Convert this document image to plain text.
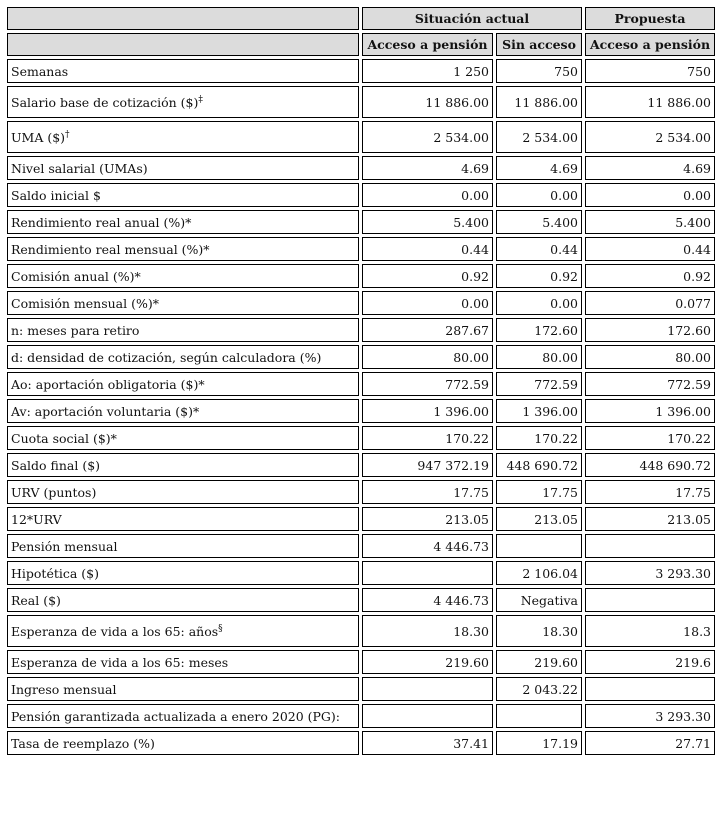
	Situación actual		Propuesta
	Acceso a pensión	Sin acceso	Acceso a pensión
Semanas	1 250	750	750
Salario base de cotización ($)‡	11 886.00	11 886.00	11 886.00
UMA ($)†	2 534.00	2 534.00	2 534.00
Nivel salarial (UMAs)	4.69	4.69	4.69
Saldo inicial $	0.00	0.00	0.00
Rendimiento real anual (%)*	5.400	5.400	5.400
Rendimiento real mensual (%)*	0.44	0.44	0.44
Comisión anual (%)*	0.92	0.92	0.92
Comisión mensual (%)*	0.00	0.00	0.077
n: meses para retiro	287.67	172.60	172.60
d: densidad de cotización, según calculadora (%)	80.00	80.00	80.00
Ao: aportación obligatoria ($)*	772.59	772.59	772.59
Av: aportación voluntaria ($)*	1 396.00	1 396.00	1 396.00
Cuota social ($)*	170.22	170.22	170.22
Saldo final ($)	947 372.19	448 690.72	448 690.72
URV (puntos)	17.75	17.75	17.75
12*URV	213.05	213.05	213.05
Pensión mensual	4 446.73		
Hipotética ($)		2 106.04	3 293.30
Real ($)	4 446.73	Negativa	
Esperanza de vida a los 65: años§	18.30	18.30	18.3
Esperanza de vida a los 65: meses	219.60	219.60	219.6
Ingreso mensual		2 043.22	
Pensión garantizada actualizada a enero 2020 (PG):			3 293.30
Tasa de reemplazo (%)	37.41	17.19	27.71
